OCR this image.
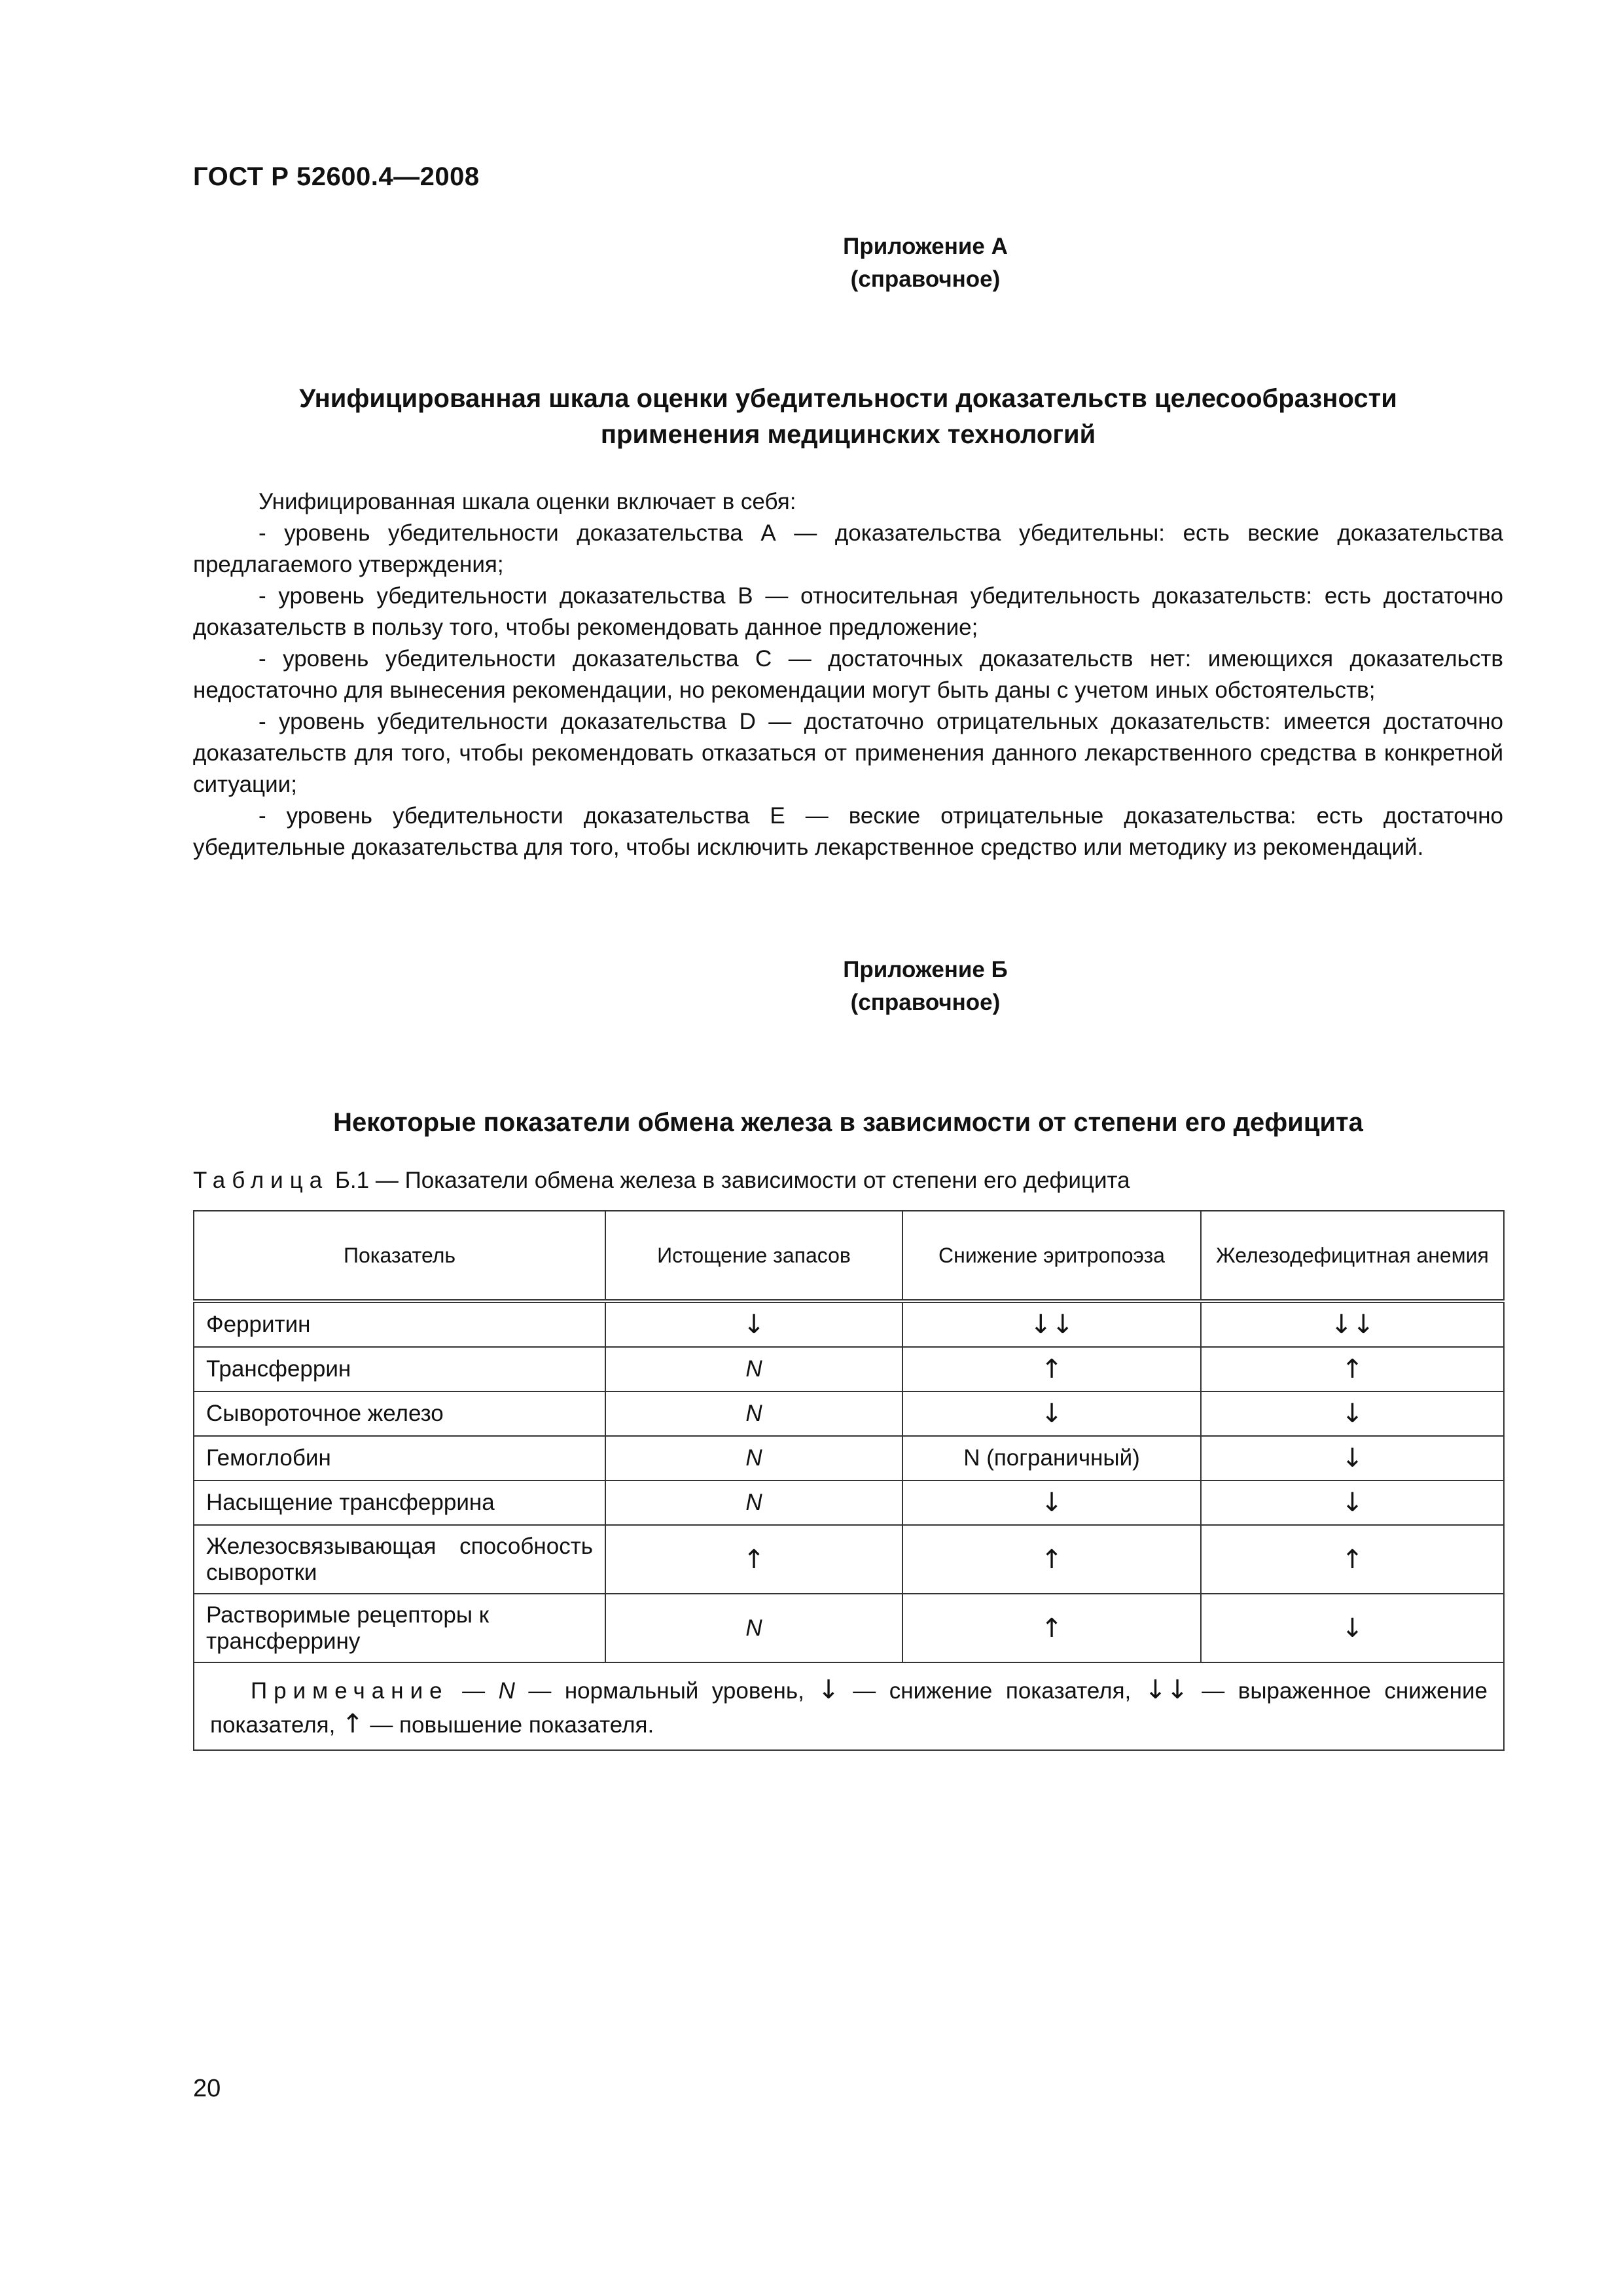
ГОСТ Р 52600.4—2008
Приложение А
(справочное)
Унифицированная шкала оценки убедительности доказательств целесообразности
применения медицинских технологий

Унифицированная шкала оценки включает в себя:

- уровень убедительности доказательства А — доказательства убедительны: есть веские доказательства предлагаемого утверждения;

- уровень убедительности доказательства В — относительная убедительность доказательств: есть достаточно доказательств в пользу того, чтобы рекомендовать данное предложение;

- уровень убедительности доказательства С — достаточных доказательств нет: имеющихся доказательств недостаточно для вынесения рекомендации, но рекомендации могут быть даны с учетом иных обстоятельств;

- уровень убедительности доказательства D — достаточно отрицательных доказательств: имеется достаточно доказательств для того, чтобы рекомендовать отказаться от применения данного лекарственного средства в конкретной ситуации;

- уровень убедительности доказательства Е — веские отрицательные доказательства: есть достаточно убедительные доказательства для того, чтобы исключить лекарственное средство или методику из рекомендаций.

Приложение Б
(справочное)
Некоторые показатели обмена железа в зависимости от степени его дефицита
Таблица Б.1 — Показатели обмена железа в зависимости от степени его дефицита
Показатель	Истощение запасов	Снижение эритропоэза	Железодефицитная анемия
Ферритин	↓	↓↓	↓↓
Трансферрин	N	↑	↑
Сывороточное железо	N	↓	↓
Гемоглобин	N	N (пограничный)	↓
Насыщение трансферрина	N	↓	↓
Железосвязывающая способность сыворотки	↑	↑	↑
Растворимые рецепторы к трансферрину	N	↑	↓
Примечание — N — нормальный уровень, ↓ — снижение показателя, ↓↓ — выраженное снижение показателя, ↑ — повышение показателя.			
20
